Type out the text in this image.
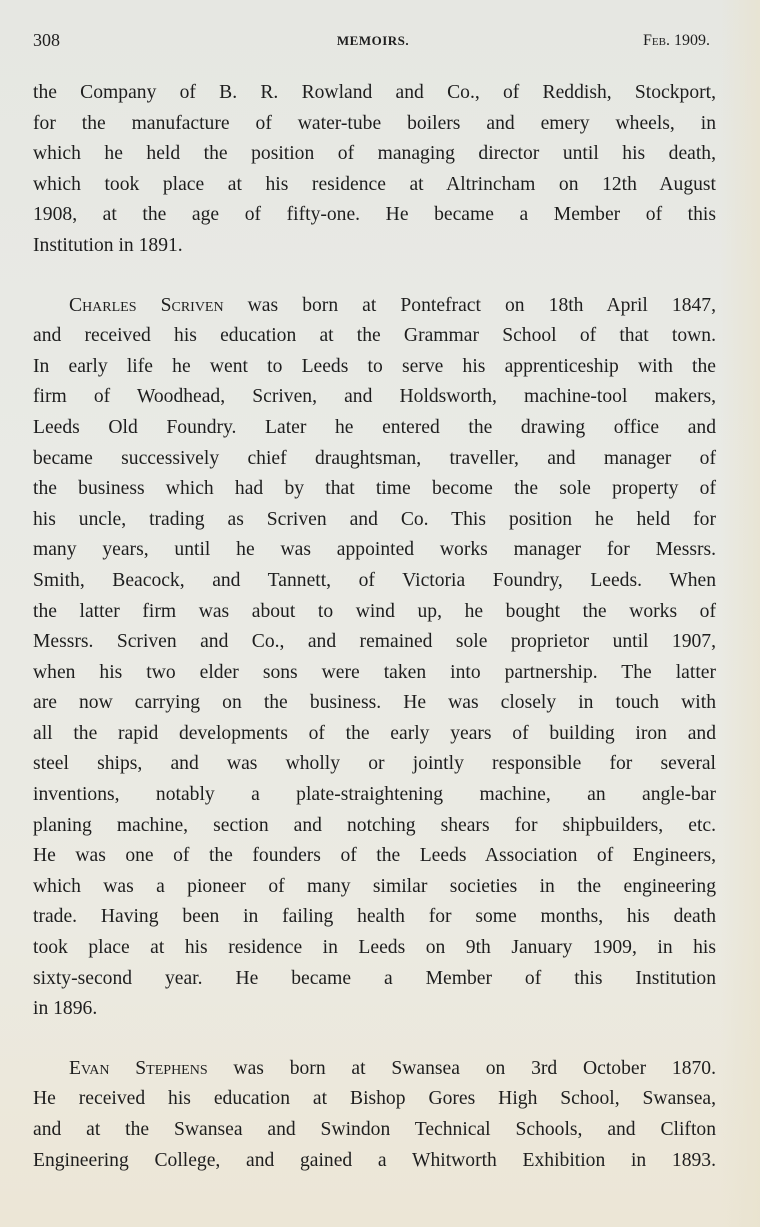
308	MEMOIRS.	Feb. 1909.

the Company of B. R. Rowland and Co., of Reddish, Stockport,

for the manufacture of water-tube boilers and emery wheels, in

which he held the position of managing director until his death,

which took place at his residence at Altrincham on 12th August

1908, at the age of fifty-one. He became a Member of this

Institution in 1891.

Charles Scriven was born at Pontefract on 18th April 1847,

and received his education at the Grammar School of that town.

In early life he went to Leeds to serve his apprenticeship with the

firm of Woodhead, Scriven, and Holdsworth, machine-tool makers,

Leeds Old Foundry. Later he entered the drawing office and

became successively chief draughtsman, traveller, and manager of

the business which had by that time become the sole property of

his uncle, trading as Scriven and Co. This position he held for

many years, until he was appointed works manager for Messrs.

Smith, Beacock, and Tannett, of Victoria Foundry, Leeds. When

the latter firm was about to wind up, he bought the works of

Messrs. Scriven and Co., and remained sole proprietor until 1907,

when his two elder sons were taken into partnership. The latter

are now carrying on the business. He was closely in touch with

all the rapid developments of the early years of building iron and

steel ships, and was wholly or jointly responsible for several

inventions, notably a plate-straightening machine, an angle-bar

planing machine, section and notching shears for shipbuilders, etc.

He was one of the founders of the Leeds Association of Engineers,

which was a pioneer of many similar societies in the engineering

trade. Having been in failing health for some months, his death

took place at his residence in Leeds on 9th January 1909, in his

sixty-second year. He became a Member of this Institution

in 1896.

Evan Stephens was born at Swansea on 3rd October 1870.

He received his education at Bishop Gores High School, Swansea,

and at the Swansea and Swindon Technical Schools, and Clifton

Engineering College, and gained a Whitworth Exhibition in 1893.
